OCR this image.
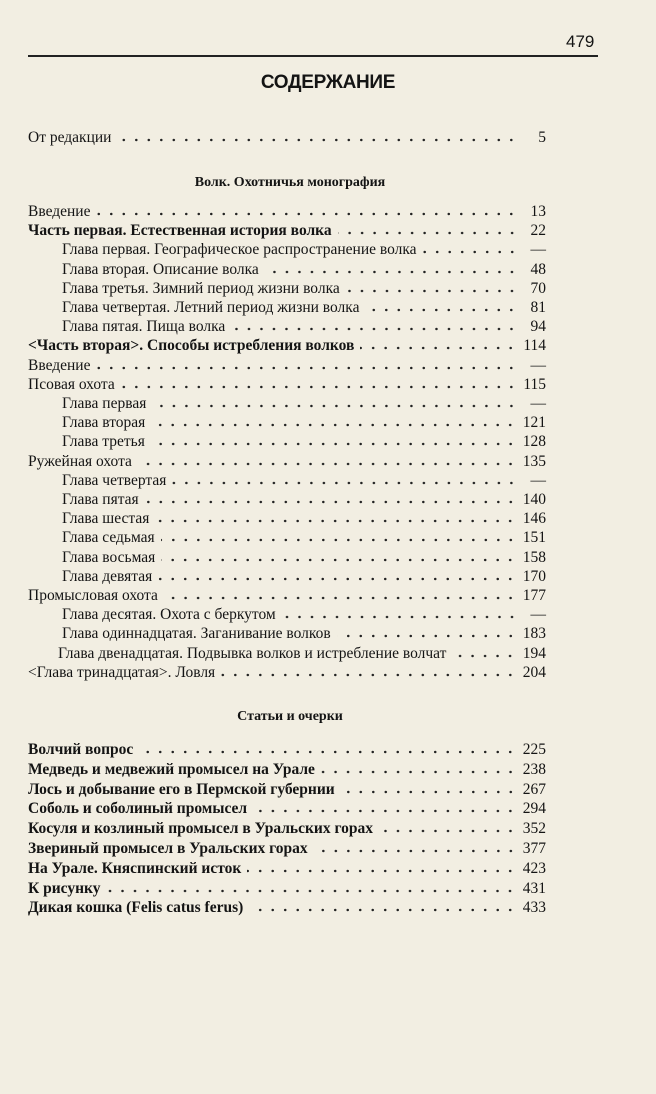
479
СОДЕРЖАНИЕ
От редакции	5
Волк. Охотничья монография
Введение	13
Часть первая. Естественная история волка	22
Глава первая. Географическое распространение волка	—
Глава вторая. Описание волка	48
Глава третья. Зимний период жизни волка	70
Глава четвертая. Летний период жизни волка	81
Глава пятая. Пища волка	94
<Часть вторая>. Способы истребления волков	114
Введение	—
Псовая охота	115
Глава первая	—
Глава вторая	121
Глава третья	128
Ружейная охота	135
Глава четвертая	—
Глава пятая	140
Глава шестая	146
Глава седьмая	151
Глава восьмая	158
Глава девятая	170
Промысловая охота	177
Глава десятая. Охота с беркутом	—
Глава одиннадцатая. Заганивание волков	183
Глава двенадцатая. Подвывка волков и истребление волчат	194
<Глава тринадцатая>. Ловля	204
Статьи и очерки
Волчий вопрос	225
Медведь и медвежий промысел на Урале	238
Лось и добывание его в Пермской губернии	267
Соболь и соболиный промысел	294
Косуля и козлиный промысел в Уральских горах	352
Звериный промысел в Уральских горах	377
На Урале. Княспинский исток	423
К рисунку	431
Дикая кошка (Felis catus ferus)	433
